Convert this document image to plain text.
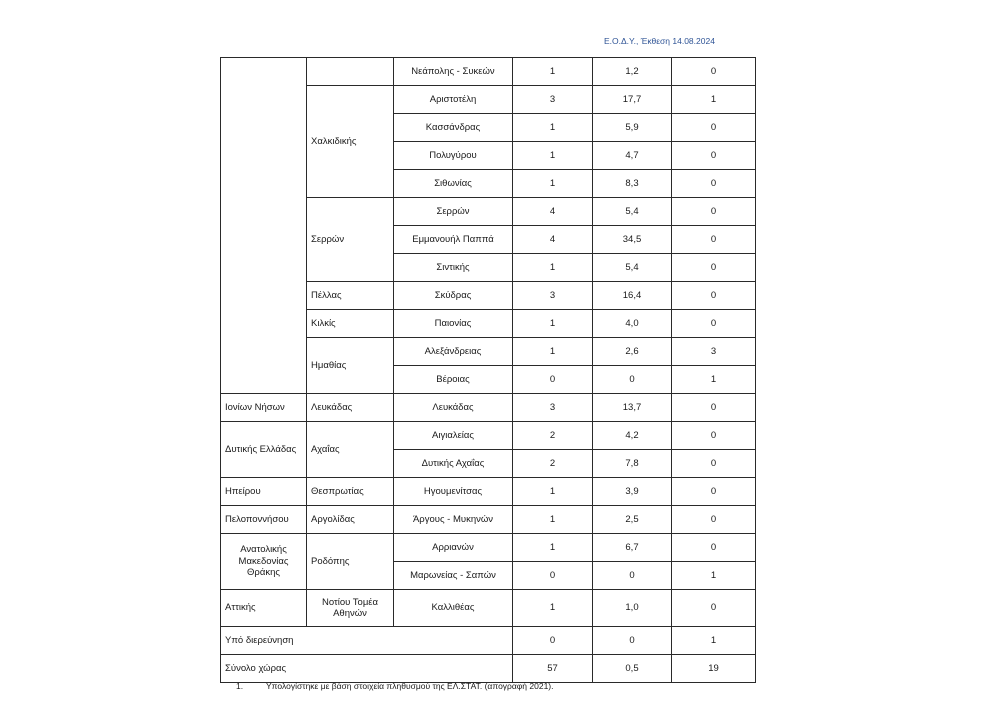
Ε.Ο.Δ.Υ., Έκθεση 14.08.2024
		Νεάπολης - Συκεών	1	1,2	0
	Χαλκιδικής	Αριστοτέλη	3	17,7	1
		Κασσάνδρας	1	5,9	0
		Πολυγύρου	1	4,7	0
		Σιθωνίας	1	8,3	0
	Σερρών	Σερρών	4	5,4	0
		Εμμανουήλ Παππά	4	34,5	0
		Σιντικής	1	5,4	0
	Πέλλας	Σκύδρας	3	16,4	0
	Κιλκίς	Παιονίας	1	4,0	0
	Ημαθίας	Αλεξάνδρειας	1	2,6	3
		Βέροιας	0	0	1
Ιονίων Νήσων	Λευκάδας	Λευκάδας	3	13,7	0
Δυτικής Ελλάδας	Αχαΐας	Αιγιαλείας	2	4,2	0
		Δυτικής Αχαΐας	2	7,8	0
Ηπείρου	Θεσπρωτίας	Ηγουμενίτσας	1	3,9	0
Πελοποννήσου	Αργολίδας	Άργους - Μυκηνών	1	2,5	0
Ανατολικής Μακεδονίας Θράκης	Ροδόπης	Αρριανών	1	6,7	0
		Μαρωνείας - Σαπών	0	0	1
Αττικής	Νοτίου Τομέα Αθηνών	Καλλιθέας	1	1,0	0
Υπό διερεύνηση			0	0	1
Σύνολο χώρας			57	0,5	19
1.	Υπολογίστηκε με βάση στοιχεία πληθυσμού της ΕΛ.ΣΤΑΤ. (απογραφή 2021).
